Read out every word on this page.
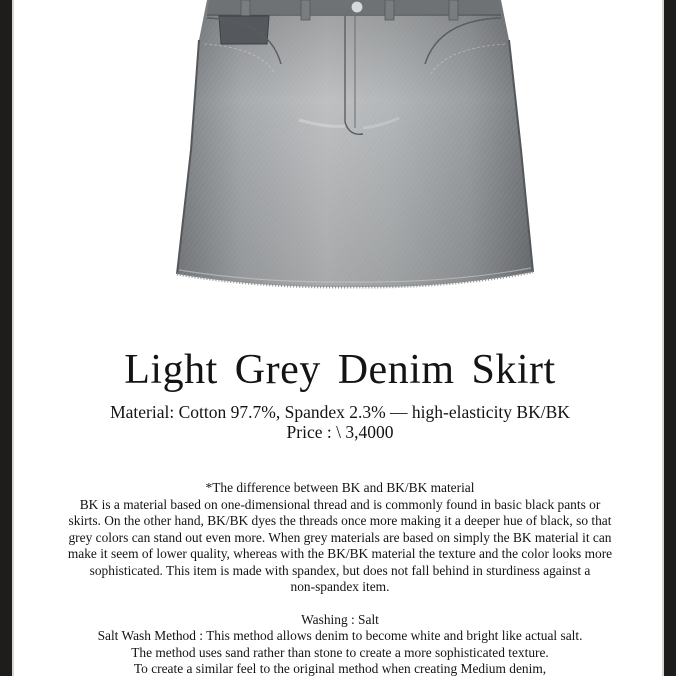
Light Grey Denim Skirt
Material: Cotton 97.7%, Spandex 2.3% — high-elasticity BK/BK
Price : \ 3,4000

*The difference between BK and BK/BK material

BK is a material based on one-dimensional thread and is commonly found in basic black pants or

skirts. On the other hand, BK/BK dyes the threads once more making it a deeper hue of black, so that

grey colors can stand out even more. When grey materials are based on simply the BK material it can

make it seem of lower quality, whereas with the BK/BK material the texture and the color looks more

sophisticated. This item is made with spandex, but does not fall behind in sturdiness against a

non-spandex item.

Washing : Salt

Salt Wash Method : This method allows denim to become white and bright like actual salt.

The method uses sand rather than stone to create a more sophisticated texture.

To create a similar feel to the original method when creating Medium denim,
